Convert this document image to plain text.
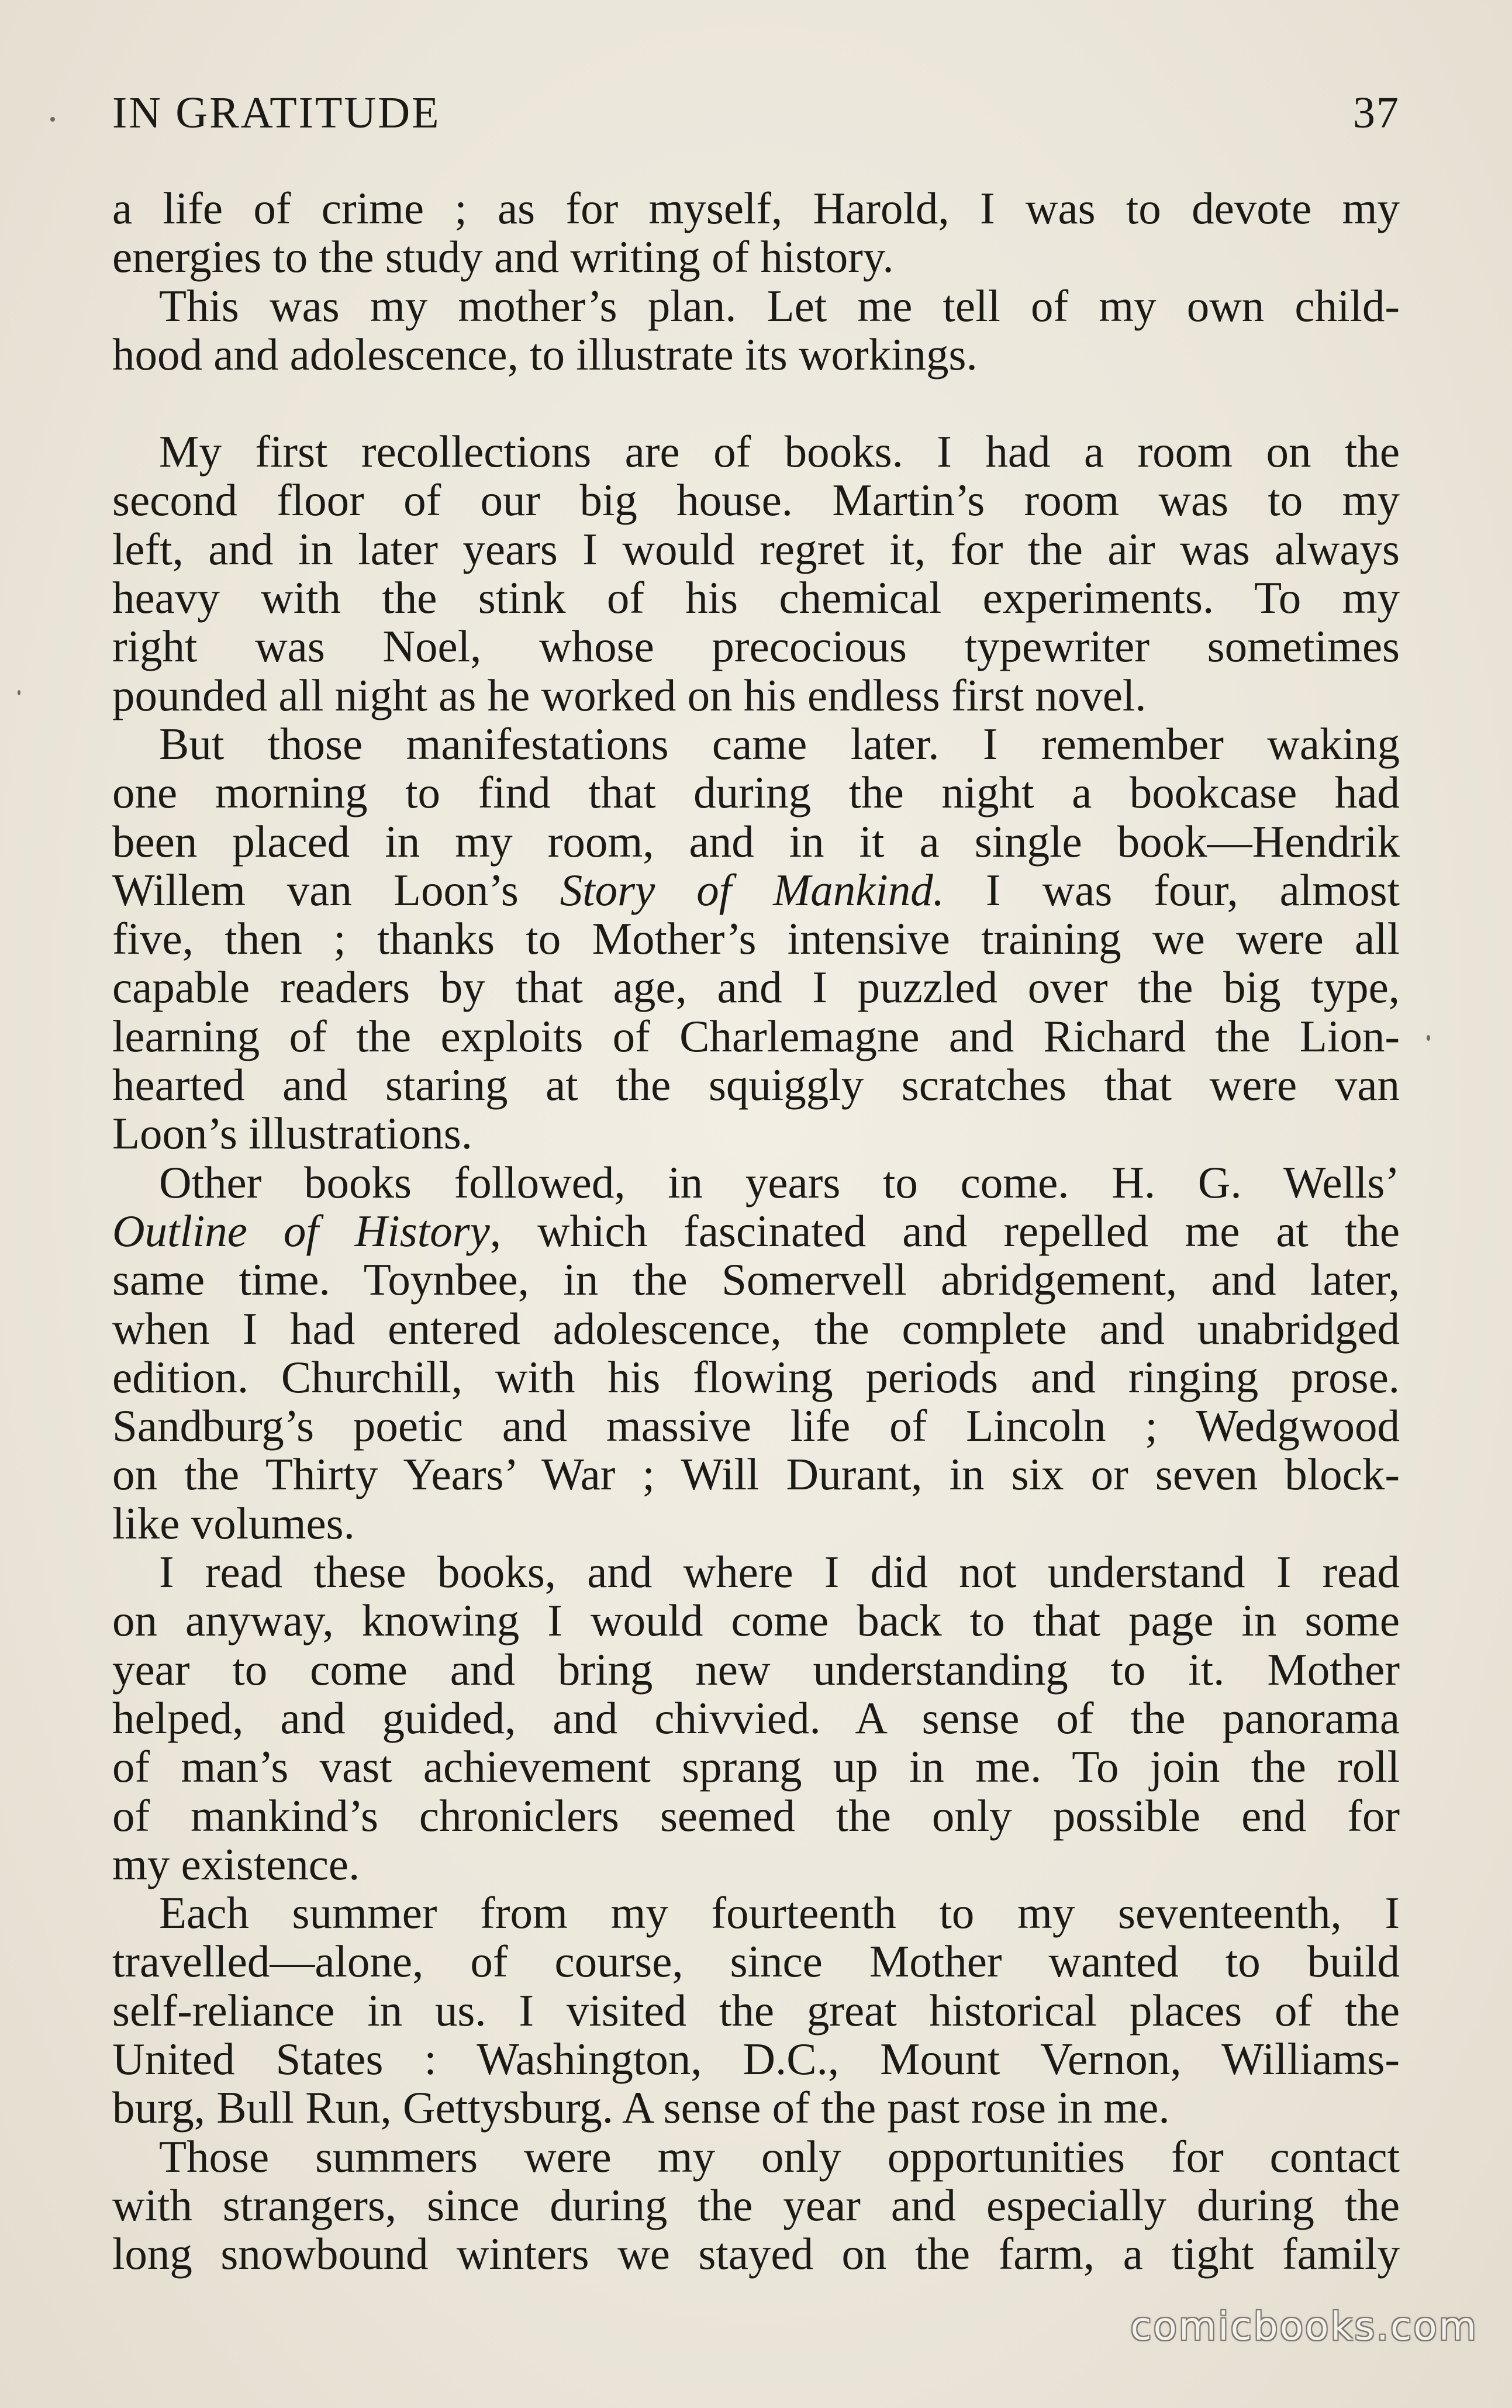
IN GRATITUDE	37
a life of crime ; as for myself, Harold, I was to devote my
energies to the study and writing of history.
This was my mother’s plan. Let me tell of my own child-
hood and adolescence, to illustrate its workings.
My first recollections are of books. I had a room on the
second floor of our big house. Martin’s room was to my
left, and in later years I would regret it, for the air was always
heavy with the stink of his chemical experiments. To my
right was Noel, whose precocious typewriter sometimes
pounded all night as he worked on his endless first novel.
But those manifestations came later. I remember waking
one morning to find that during the night a bookcase had
been placed in my room, and in it a single book—Hendrik
Willem van Loon’s Story of Mankind. I was four, almost
five, then ; thanks to Mother’s intensive training we were all
capable readers by that age, and I puzzled over the big type,
learning of the exploits of Charlemagne and Richard the Lion-
hearted and staring at the squiggly scratches that were van
Loon’s illustrations.
Other books followed, in years to come. H. G. Wells’
Outline of History, which fascinated and repelled me at the
same time. Toynbee, in the Somervell abridgement, and later,
when I had entered adolescence, the complete and unabridged
edition. Churchill, with his flowing periods and ringing prose.
Sandburg’s poetic and massive life of Lincoln ; Wedgwood
on the Thirty Years’ War ; Will Durant, in six or seven block-
like volumes.
I read these books, and where I did not understand I read
on anyway, knowing I would come back to that page in some
year to come and bring new understanding to it. Mother
helped, and guided, and chivvied. A sense of the panorama
of man’s vast achievement sprang up in me. To join the roll
of mankind’s chroniclers seemed the only possible end for
my existence.
Each summer from my fourteenth to my seventeenth, I
travelled—alone, of course, since Mother wanted to build
self-reliance in us. I visited the great historical places of the
United States : Washington, D.C., Mount Vernon, Williams-
burg, Bull Run, Gettysburg. A sense of the past rose in me.
Those summers were my only opportunities for contact
with strangers, since during the year and especially during the
long snowbound winters we stayed on the farm, a tight family
comicbooks.com
